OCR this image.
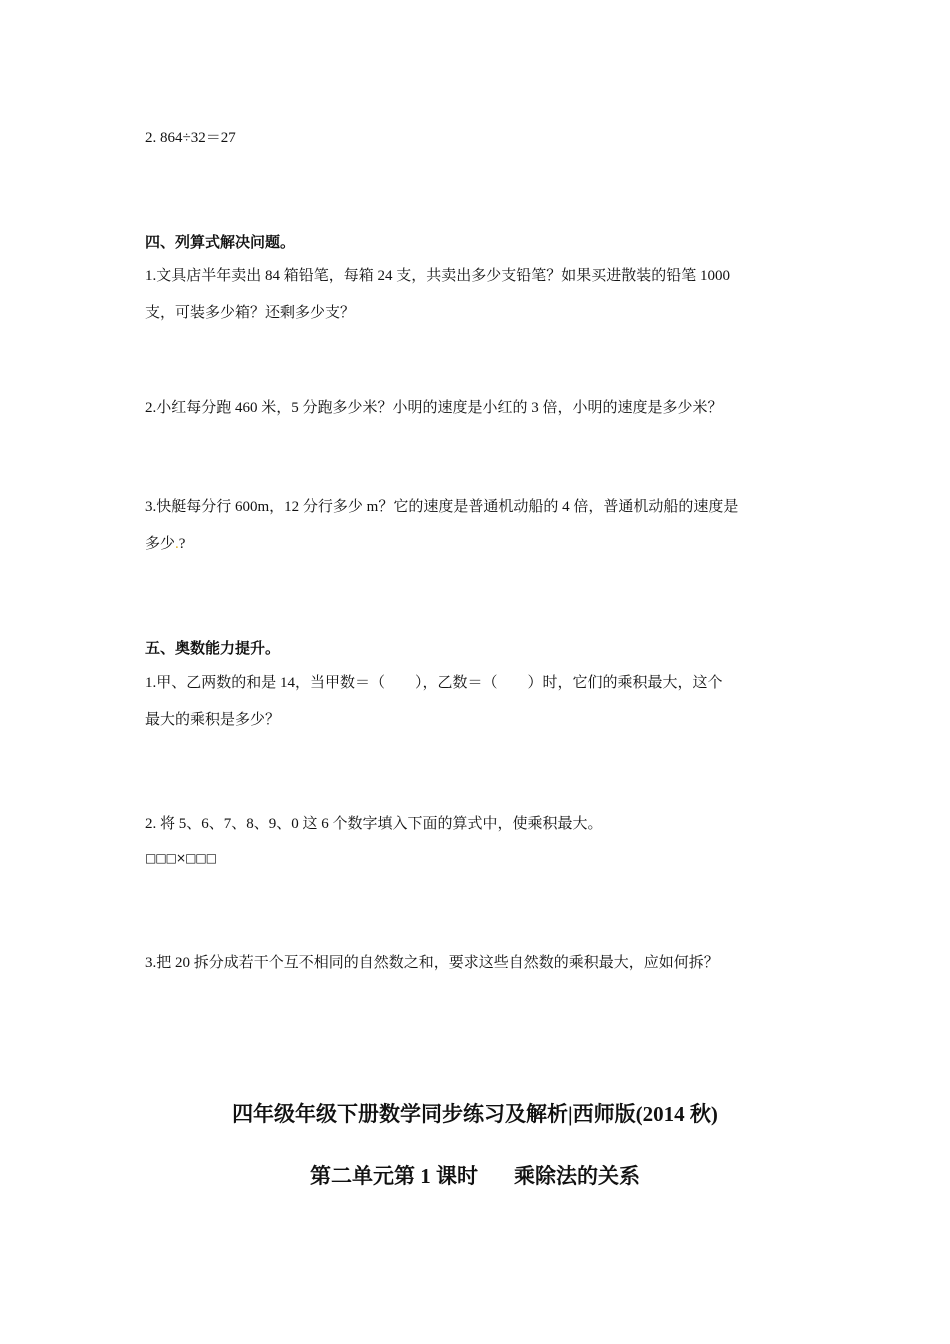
2. 864÷32＝27
四、列算式解决问题。
1.文具店半年卖出 84 箱铅笔，每箱 24 支，共卖出多少支铅笔？如果买进散装的铅笔 1000
支，可装多少箱？还剩多少支？
2.小红每分跑 460 米，5 分跑多少米？小明的速度是小红的 3 倍，小明的速度是多少米？
3.快艇每分行 600m，12 分行多少 m？它的速度是普通机动船的 4 倍，普通机动船的速度是
多少.?
五、奥数能力提升。
1.甲、乙两数的和是 14，当甲数＝（　　），乙数＝（　　）时，它们的乘积最大，这个
最大的乘积是多少？
2. 将 5、6、7、8、9、0 这 6 个数字填入下面的算式中，使乘积最大。
□□□×□□□
3.把 20 拆分成若干个互不相同的自然数之和，要求这些自然数的乘积最大，应如何拆？
四年级年级下册数学同步练习及解析|西师版(2014 秋)
第二单元第 1 课时 乘除法的关系
